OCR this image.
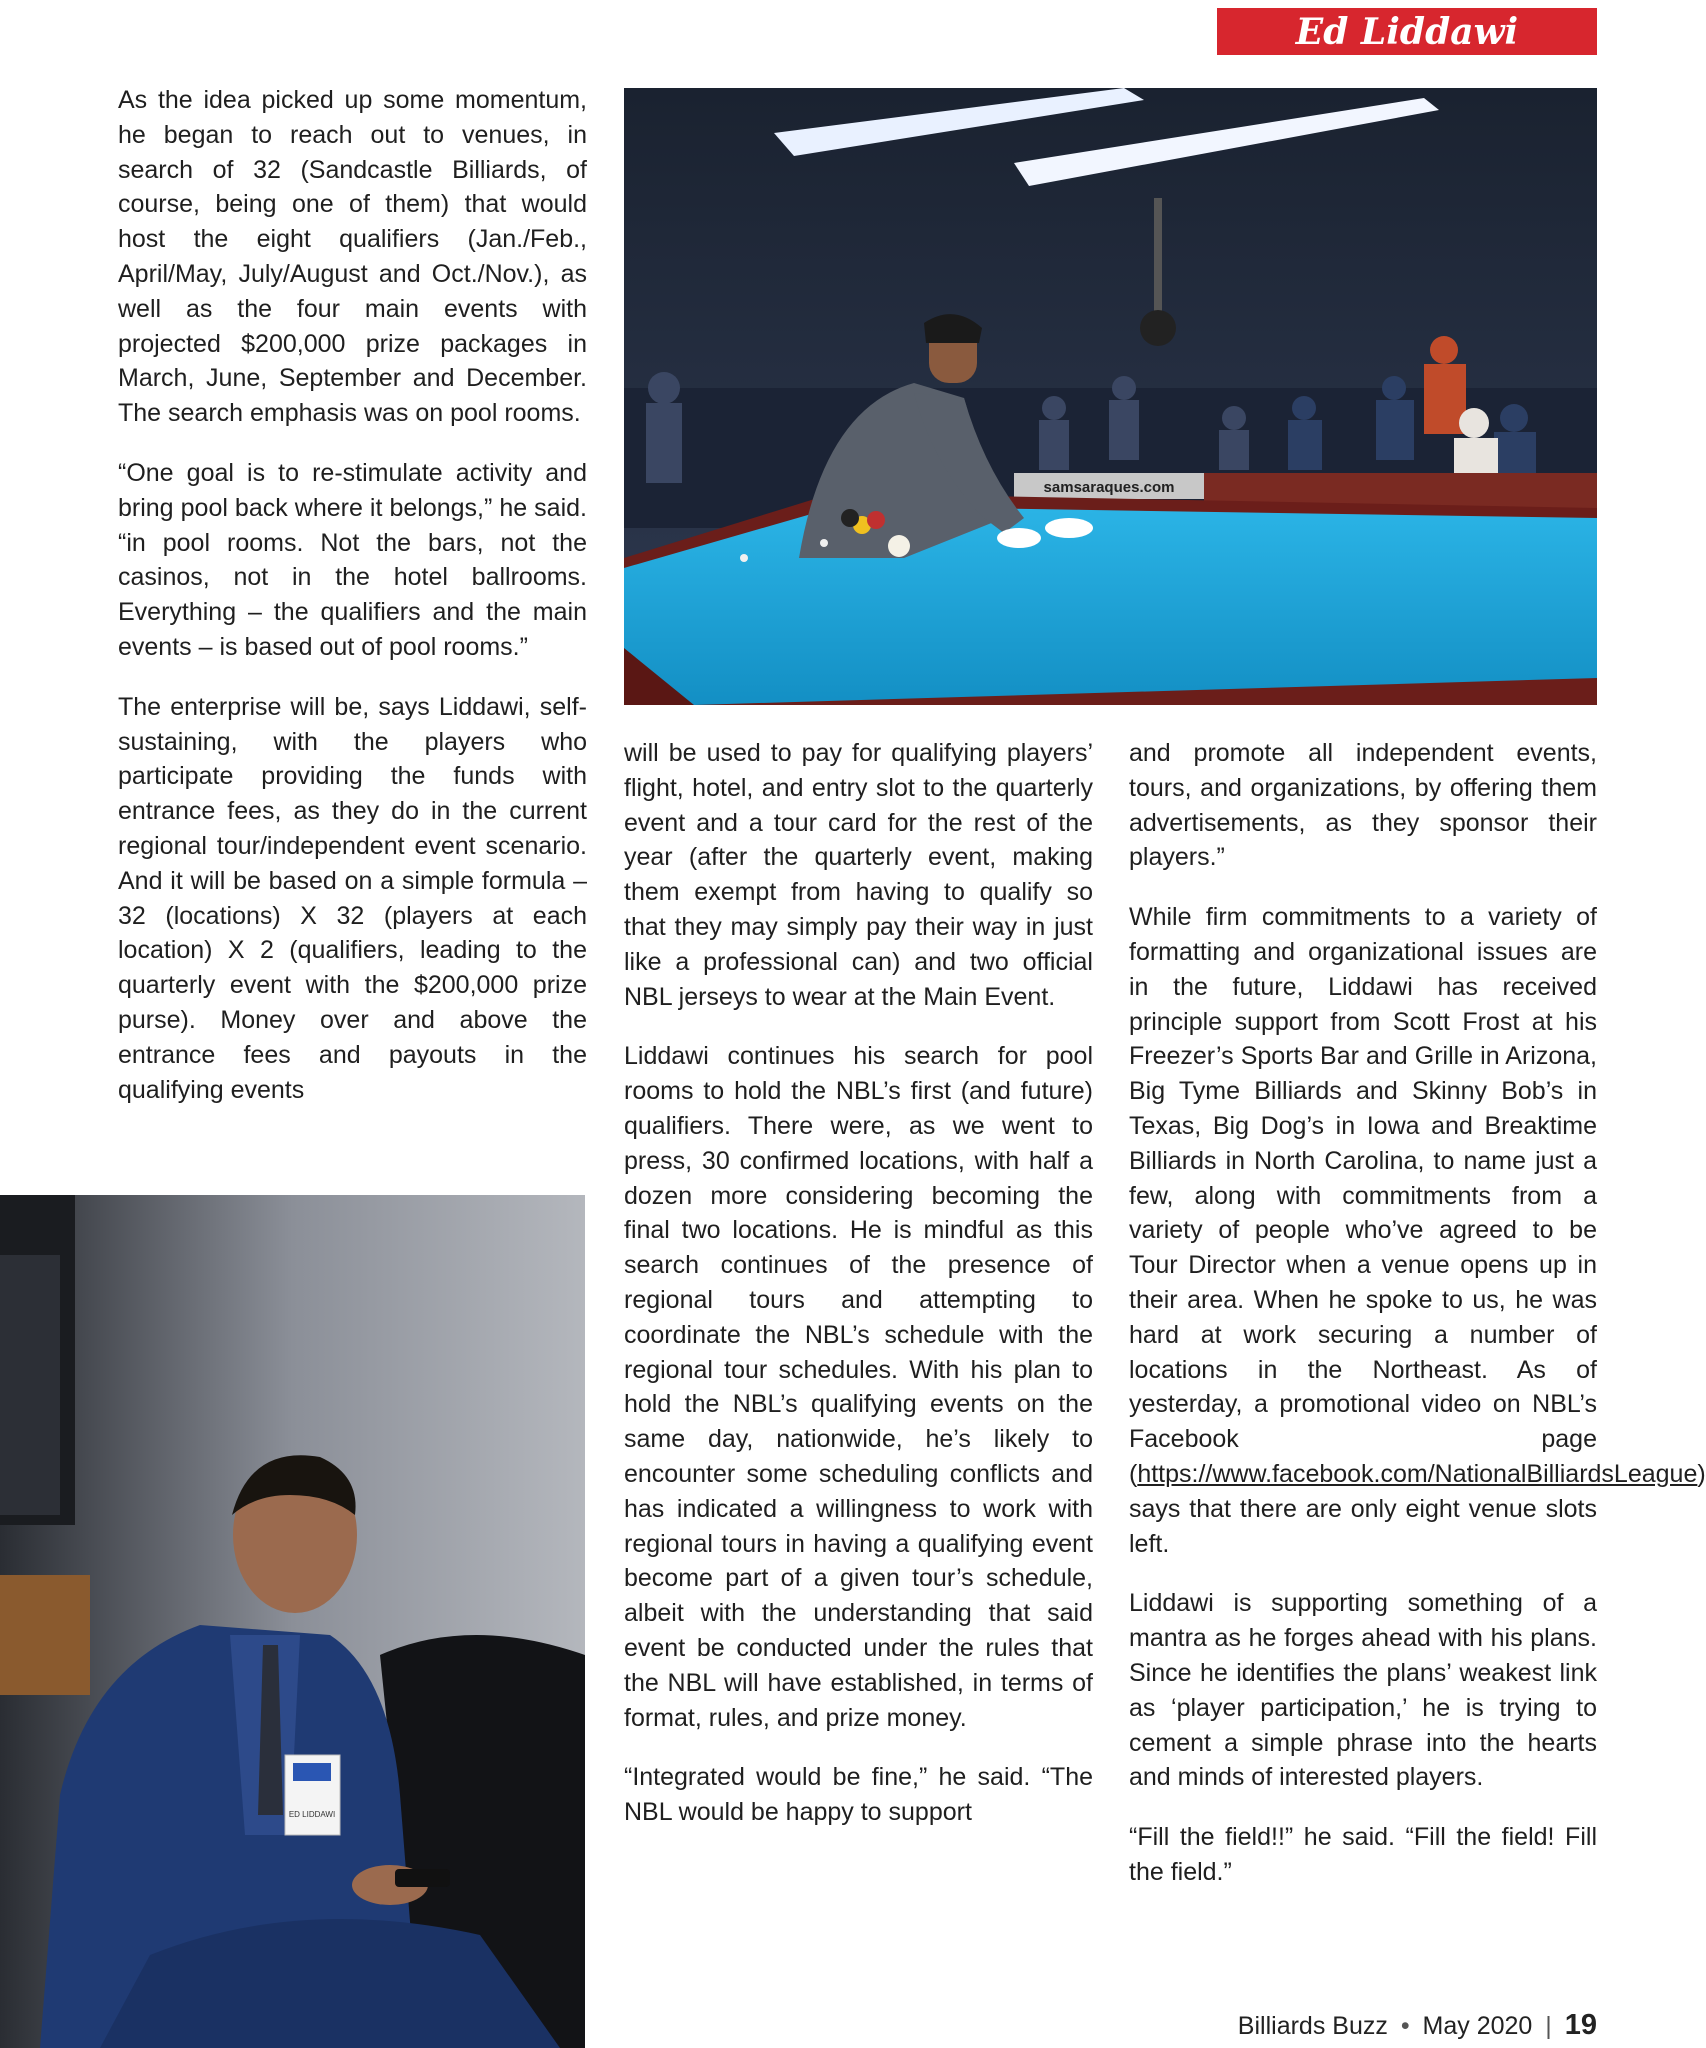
Ed Liddawi
samsaraques.com
ED LIDDAWI

As the idea picked up some momentum, he began to reach out to venues, in search of 32 (Sandcastle Billiards, of course, being one of them) that would host the eight qualifiers (Jan./Feb., April/May, July/August and Oct./Nov.), as well as the four main events with projected $200,000 prize packages in March, June, September and December. The search emphasis was on pool rooms.

“One goal is to re-stimulate activity and bring pool back where it belongs,” he said. “in pool rooms. Not the bars, not the casinos, not in the hotel ballrooms. Everything – the qualifiers and the main events – is based out of pool rooms.”

The enterprise will be, says Liddawi, self-sustaining, with the players who participate providing the funds with entrance fees, as they do in the current regional tour/independent event scenario. And it will be based on a simple formula – 32 (locations) X 32 (players at each location) X 2 (qualifiers, leading to the quarterly event with the $200,000 prize purse). Money over and above the entrance fees and payouts in the qualifying events

will be used to pay for qualifying players’ flight, hotel, and entry slot to the quarterly event and a tour card for the rest of the year (after the quarterly event, making them exempt from having to qualify so that they may simply pay their way in just like a professional can) and two official NBL jerseys to wear at the Main Event.

Liddawi continues his search for pool rooms to hold the NBL’s first (and future) qualifiers. There were, as we went to press, 30 confirmed locations, with half a dozen more considering becoming the final two locations. He is mindful as this search continues of the presence of regional tours and attempting to coordinate the NBL’s schedule with the regional tour schedules. With his plan to hold the NBL’s qualifying events on the same day, nationwide, he’s likely to encounter some scheduling conflicts and has indicated a willingness to work with regional tours in having a qualifying event become part of a given tour’s schedule, albeit with the understanding that said event be conducted under the rules that the NBL will have established, in terms of format, rules, and prize money.

“Integrated would be fine,” he said. “The NBL would be happy to support

and promote all independent events, tours, and organizations, by offering them advertisements, as they sponsor their players.”

While firm commitments to a variety of formatting and organizational issues are in the future, Liddawi has received principle support from Scott Frost at his Freezer’s Sports Bar and Grille in Arizona, Big Tyme Billiards and Skinny Bob’s in Texas, Big Dog’s in Iowa and Breaktime Billiards in North Carolina, to name just a few, along with commitments from a variety of people who’ve agreed to be Tour Director when a venue opens up in their area. When he spoke to us, he was hard at work securing a number of locations in the Northeast. As of yesterday, a promotional video on NBL’s Facebook page (https://www.facebook.com/NationalBilliardsLeague) says that there are only eight venue slots left.

Liddawi is supporting something of a mantra as he forges ahead with his plans. Since he identifies the plans’ weakest link as ‘player participation,’ he is trying to cement a simple phrase into the hearts and minds of interested players.

“Fill the field!!” he said. “Fill the field! Fill the field.”

Billiards Buzz • May 2020 | 19
